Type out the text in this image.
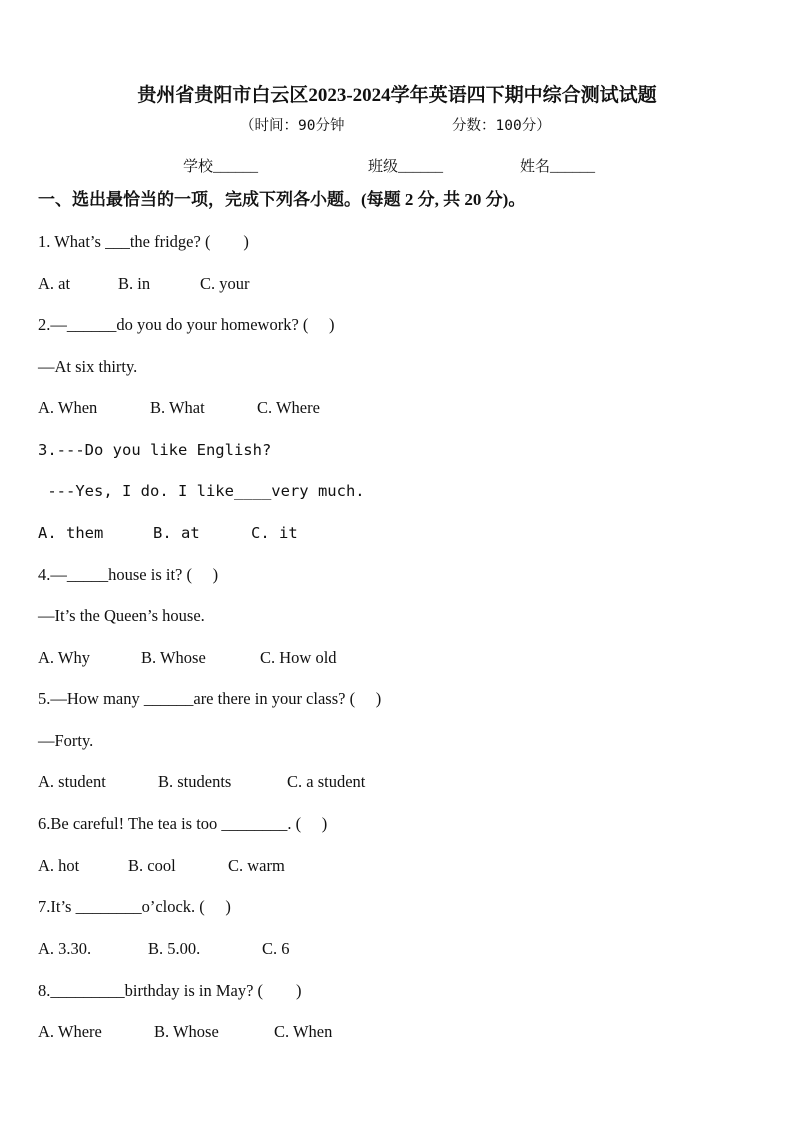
贵州省贵阳市白云区2023-2024学年英语四下期中综合测试试题
（时间：90分钟	分数：100分）
学校______	班级______	姓名______
一、选出最恰当的一项，完成下列各小题。(每题 2 分, 共 20 分)。
1. What’s ___the fridge? (　　)
A. at	B. in	C. your
2.—______do you do your homework? (　 )
—At six thirty.
A. When	B. What	C. Where
3.---Do you like English?
---Yes, I do. I like____very much.
A. them	B. at	C. it
4.—_____house is it? (　 )
—It’s the Queen’s house.
A. Why	B. Whose	C. How old
5.—How many ______are there in your class? (　 )
—Forty.
A. student	B. students	C. a student
6.Be careful! The tea is too ________. (　 )
A. hot	B. cool	C. warm
7.It’s ________o’clock. (　 )
A. 3.30.	B. 5.00.	C. 6
8._________birthday is in May? (　　)
A. Where	B. Whose	C. When
